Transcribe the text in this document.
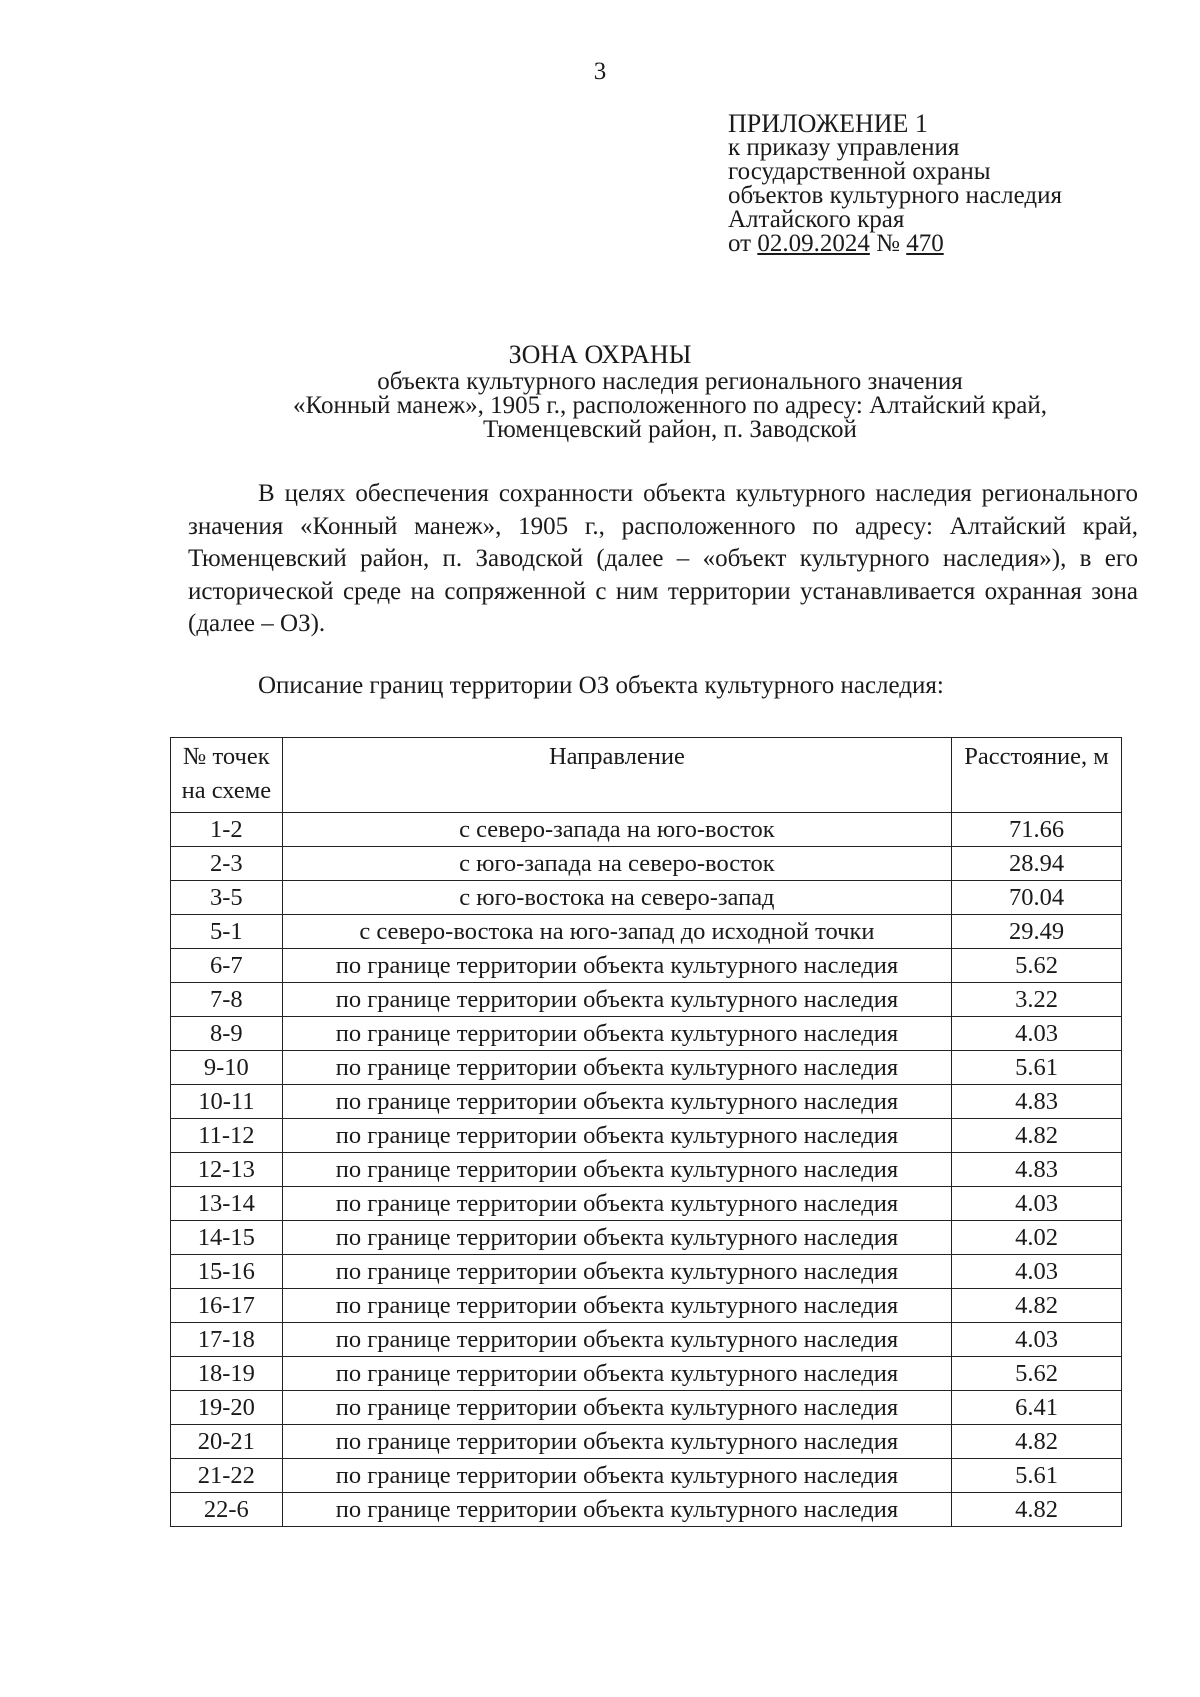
3
ПРИЛОЖЕНИЕ 1
к приказу управления
государственной охраны
объектов культурного наследия
Алтайского края
от 02.09.2024 № 470
ЗОНА ОХРАНЫ
объекта культурного наследия регионального значения
«Конный манеж», 1905 г., расположенного по адресу: Алтайский край,
Тюменцевский район, п. Заводской
В целях обеспечения сохранности объекта культурного наследия регионального значения «Конный манеж», 1905 г., расположенного по адресу: Алтайский край, Тюменцевский район, п. Заводской (далее – «объект культурного наследия»), в его исторической среде на сопряженной с ним территории устанавливается охранная зона (далее – ОЗ).
Описание границ территории ОЗ объекта культурного наследия:
№ точек на схеме	Направление	Расстояние, м
1-2	с северо-запада на юго-восток	71.66
2-3	с юго-запада на северо-восток	28.94
3-5	с юго-востока на северо-запад	70.04
5-1	с северо-востока на юго-запад до исходной точки	29.49
6-7	по границе территории объекта культурного наследия	5.62
7-8	по границе территории объекта культурного наследия	3.22
8-9	по границе территории объекта культурного наследия	4.03
9-10	по границе территории объекта культурного наследия	5.61
10-11	по границе территории объекта культурного наследия	4.83
11-12	по границе территории объекта культурного наследия	4.82
12-13	по границе территории объекта культурного наследия	4.83
13-14	по границе территории объекта культурного наследия	4.03
14-15	по границе территории объекта культурного наследия	4.02
15-16	по границе территории объекта культурного наследия	4.03
16-17	по границе территории объекта культурного наследия	4.82
17-18	по границе территории объекта культурного наследия	4.03
18-19	по границе территории объекта культурного наследия	5.62
19-20	по границе территории объекта культурного наследия	6.41
20-21	по границе территории объекта культурного наследия	4.82
21-22	по границе территории объекта культурного наследия	5.61
22-6	по границе территории объекта культурного наследия	4.82
